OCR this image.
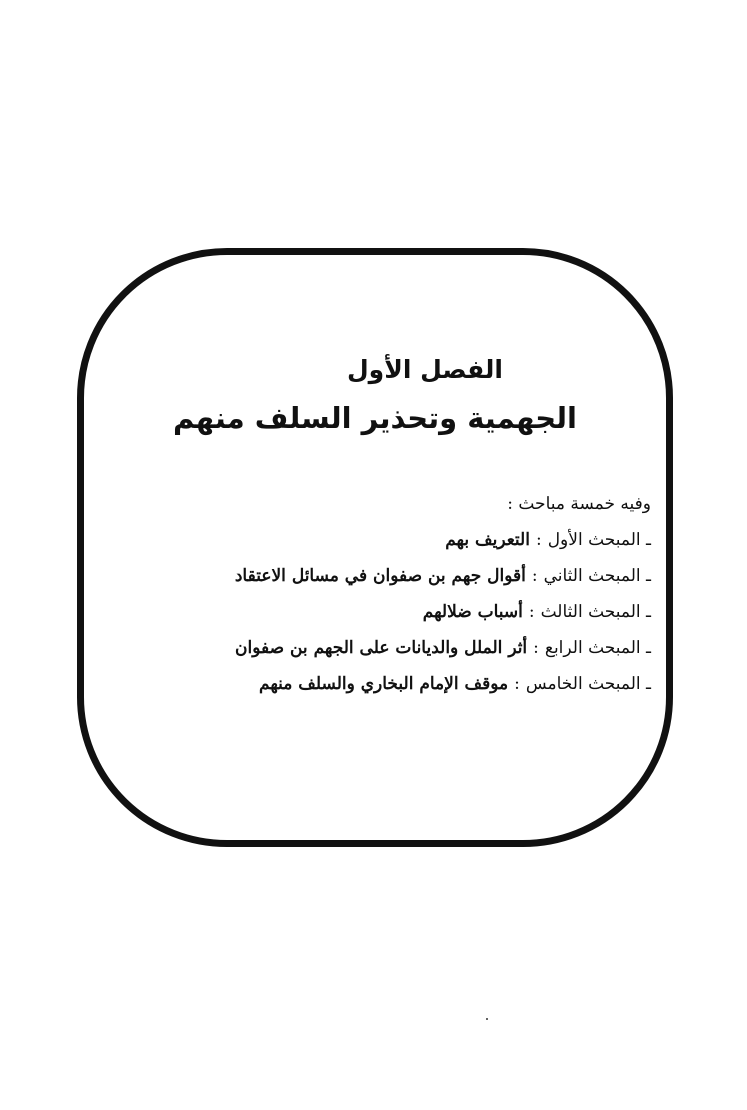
الفصل الأول
الجهمية وتحذير السلف منهم
وفيه خمسة مباحث :
ـ المبحث الأول:التعريف بهم
ـ المبحث الثاني:أقوال جهم بن صفوان في مسائل الاعتقاد
ـ المبحث الثالث:أسباب ضلالهم
ـ المبحث الرابع:أثر الملل والديانات على الجهم بن صفوان
ـ المبحث الخامس:موقف الإمام البخاري والسلف منهم
